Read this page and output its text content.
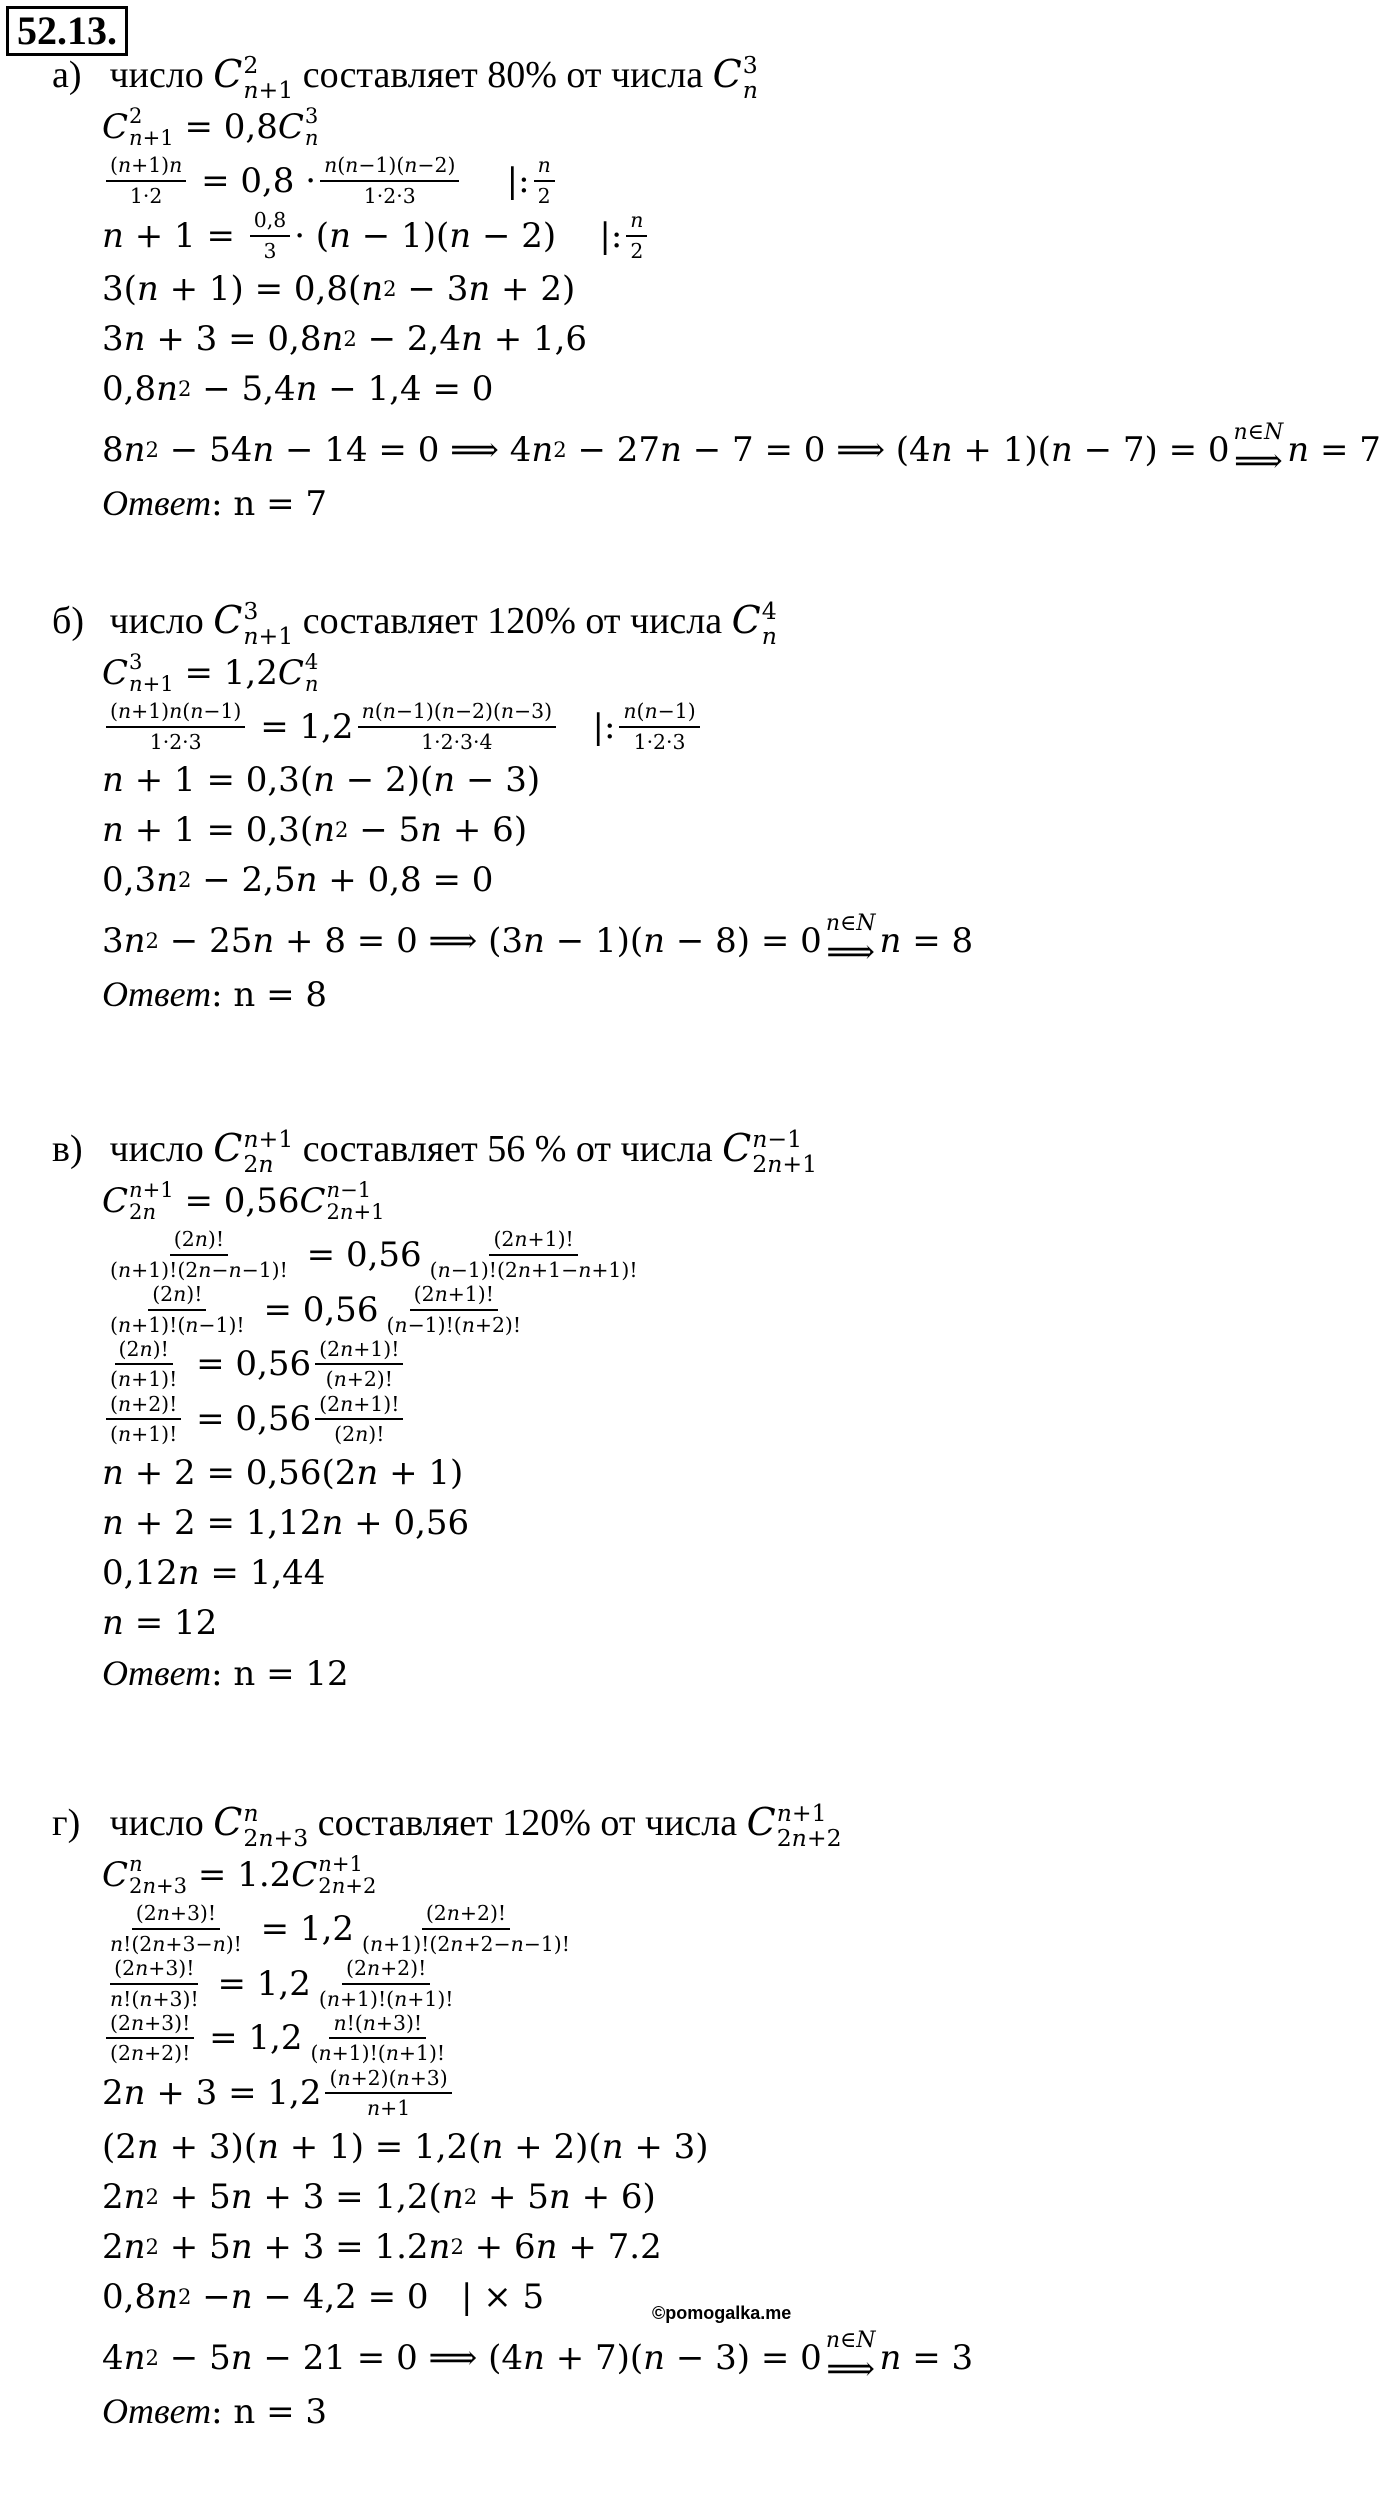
52.13.
а) число C 2
n+1 составляет 80% от числа C 3
n
C 2
n+1 = 0,8 C 3
n
$\frac{(n+1)n}{1\cdot 2} = 0,8 \cdot \frac{n(n-1)(n-2)}{1\cdot 2\cdot 3}$ |: $\frac{n}{2}$
$n + 1 = \frac{0,8}{3}$ · ( n − 1)( n − 2)    |: $\frac{n}{2}$
3( n + 1) = 0,8( n 2 − 3 n + 2)
3 n + 3 = 0,8 n 2 − 2,4 n + 1,6
0,8 n 2 − 5,4 n − 1,4 = 0
8 n 2 − 54 n − 14 = 0 ⟹ 4 n 2 − 27 n − 7 = 0 ⟹ (4 n + 1)( n − 7) = 0 n∈N
⟹ n = 7
Ответ: n = 7
б) число C 3
n+1 составляет 120% от числа C 4
n
C 3
n+1 = 1,2 C 4
n
$\frac{(n+1)n(n-1)}{1\cdot 2\cdot 3} = 1,2 \frac{n(n-1)(n-2)(n-3)}{1\cdot 2\cdot 3\cdot 4}$ |: $\frac{n(n-1)}{1\cdot 2\cdot 3}$
n + 1 = 0,3( n − 2)( n − 3)
n + 1 = 0,3( n 2 − 5 n + 6)
0,3 n 2 − 2,5 n + 0,8 = 0
3 n 2 − 25 n + 8 = 0 ⟹ (3 n − 1)( n − 8) = 0 n∈N
⟹ n = 8
Ответ: n = 8
в) число C n+1
2n составляет 56 % от числа C n−1
2n+1
C n+1
2n = 0,56 C n−1
2n+1
$\frac{(2n)!}{(n+1)!(2n-n-1)!} = 0,56 \frac{(2n+1)!}{(n-1)!(2n+1-n+1)!}$
$\frac{(2n)!}{(n+1)!(n-1)!} = 0,56 \frac{(2n+1)!}{(n-1)!(n+2)!}$
$\frac{(2n)!}{(n+1)!} = 0,56 \frac{(2n+1)!}{(n+2)!}$
$\frac{(n+2)!}{(n+1)!} = 0,56 \frac{(2n+1)!}{(2n)!}$
n + 2 = 0,56(2 n + 1)
n + 2 = 1,12 n + 0,56
0,12 n = 1,44
n = 12
Ответ: n = 12
г) число C n
2n+3 составляет 120% от числа C n+1
2n+2
C n
2n+3 = 1.2 C n+1
2n+2
$\frac{(2n+3)!}{n!(2n+3-n)!} = 1,2 \frac{(2n+2)!}{(n+1)!(2n+2-n-1)!}$
$\frac{(2n+3)!}{n!(n+3)!} = 1,2 \frac{(2n+2)!}{(n+1)!(n+1)!}$
$\frac{(2n+3)!}{(2n+2)!} = 1,2 \frac{n!(n+3)!}{(n+1)!(n+1)!}$
2 $n + 3 = 1,2 \frac{(n+2)(n+3)}{n+1}$
(2 n + 3)( n + 1) = 1,2( n + 2)( n + 3)
2 n 2 + 5 n + 3 = 1,2( n 2 + 5 n + 6)
2 n 2 + 5 n + 3 = 1.2 n 2 + 6 n + 7.2
0,8 n 2 − n − 4,2 = 0   | × 5
4 n 2 − 5 n − 21 = 0 ⟹ (4 n + 7)( n − 3) = 0 n∈N
⟹ n = 3
Ответ: n = 3
©pomogalka.me
